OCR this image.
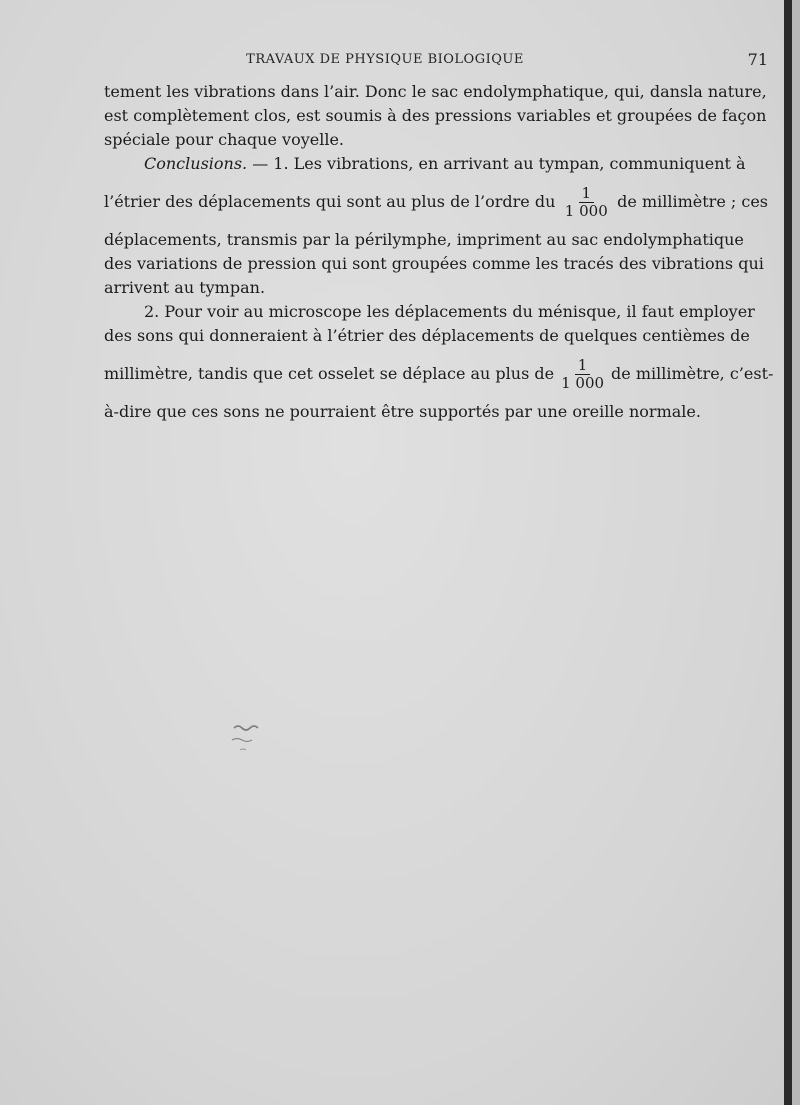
TRAVAUX DE PHYSIQUE BIOLOGIQUE	71
tement les vibrations dans l’air. Donc le sac endolymphatique, qui, dansla nature,
est complètement clos, est soumis à des pressions variables et groupées de façon
spéciale pour chaque voyelle.
Conclusions. — 1. Les vibrations, en arrivant au tympan, communiquent à
l’étrier des déplacements qui sont au plus de l’ordre du $\frac{1}{1 000}$ de millimètre ; ces
déplacements, transmis par la périlymphe, impriment au sac endolymphatique
des variations de pression qui sont groupées comme les tracés des vibrations qui
arrivent au tympan.
2. Pour voir au microscope les déplacements du ménisque, il faut employer
des sons qui donneraient à l’étrier des déplacements de quelques centièmes de
millimètre, tandis que cet osselet se déplace au plus de $\frac{1}{1 000}$ de millimètre, c’est-
à-dire que ces sons ne pourraient être supportés par une oreille normale.
